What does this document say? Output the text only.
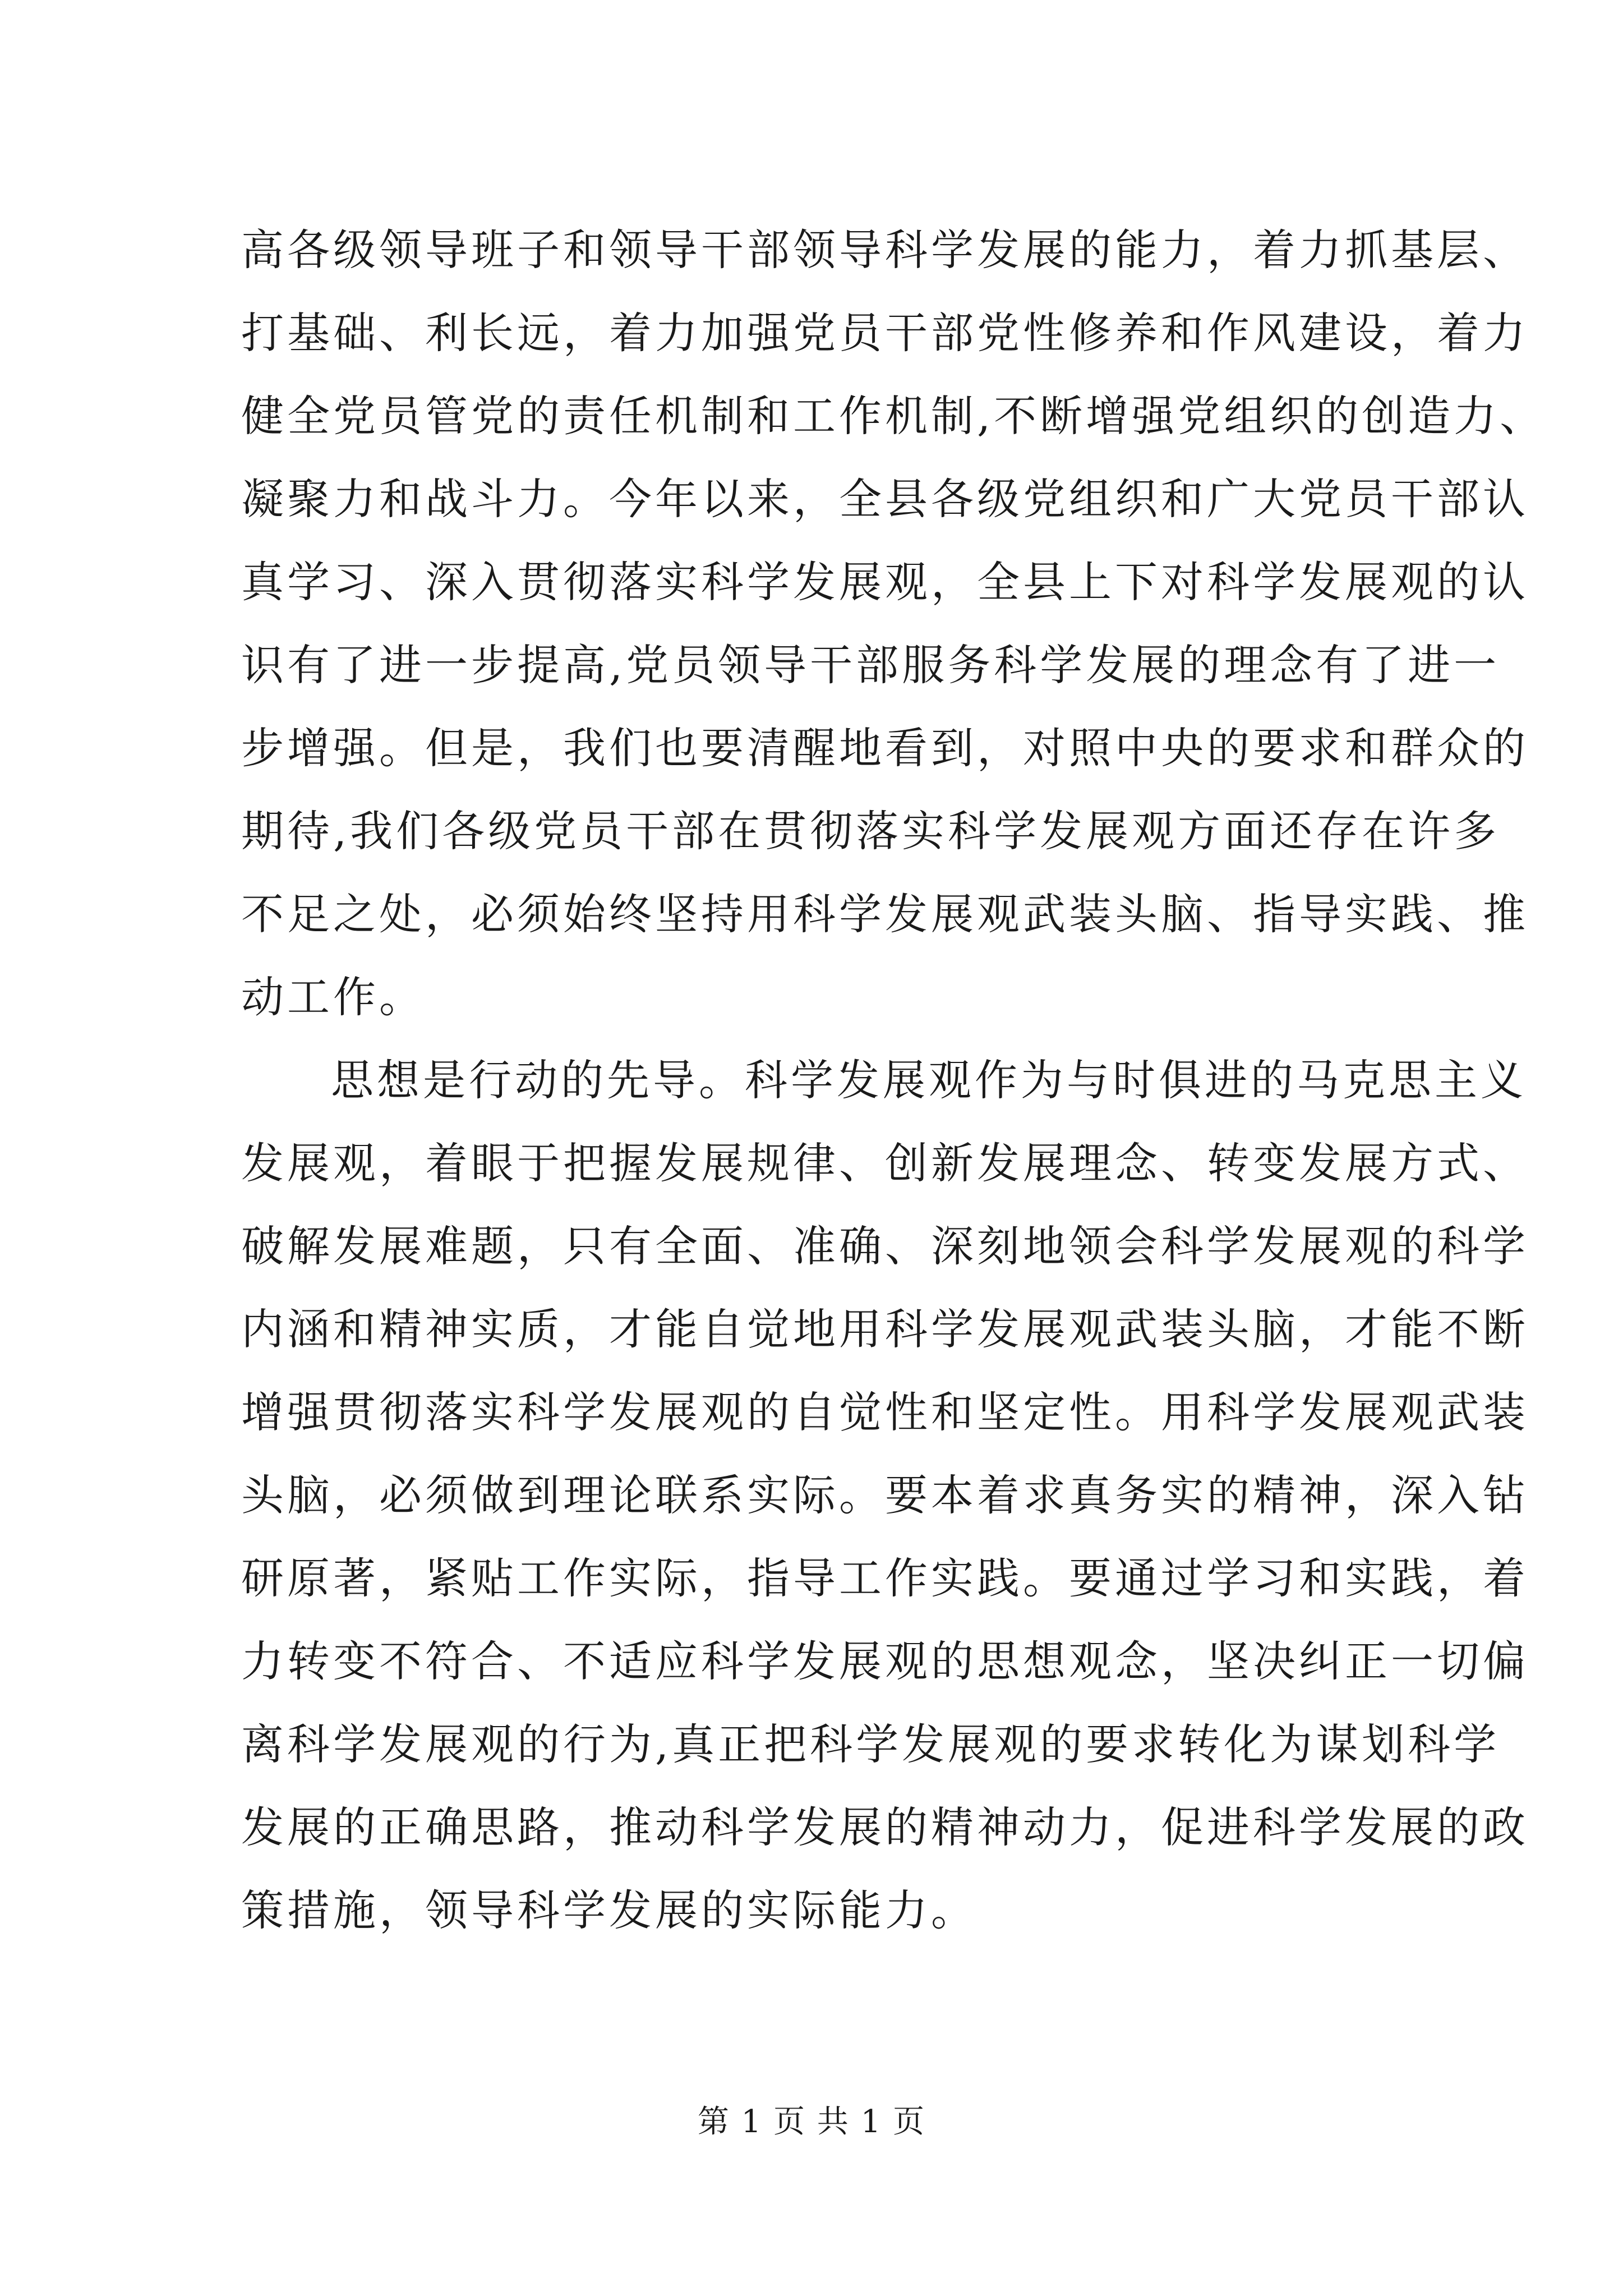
高各级领导班子和领导干部领导科学发展的能力，着力抓基层、
打基础、利长远，着力加强党员干部党性修养和作风建设，着力
健全党员管党的责任机制和工作机制,不断增强党组织的创造力、
凝聚力和战斗力。今年以来，全县各级党组织和广大党员干部认
真学习、深入贯彻落实科学发展观，全县上下对科学发展观的认
识有了进一步提高,党员领导干部服务科学发展的理念有了进一
步增强。但是，我们也要清醒地看到，对照中央的要求和群众的
期待,我们各级党员干部在贯彻落实科学发展观方面还存在许多
不足之处，必须始终坚持用科学发展观武装头脑、指导实践、推
动工作。
思想是行动的先导。科学发展观作为与时俱进的马克思主义
发展观，着眼于把握发展规律、创新发展理念、转变发展方式、
破解发展难题，只有全面、准确、深刻地领会科学发展观的科学
内涵和精神实质，才能自觉地用科学发展观武装头脑，才能不断
增强贯彻落实科学发展观的自觉性和坚定性。用科学发展观武装
头脑，必须做到理论联系实际。要本着求真务实的精神，深入钻
研原著，紧贴工作实际，指导工作实践。要通过学习和实践，着
力转变不符合、不适应科学发展观的思想观念，坚决纠正一切偏
离科学发展观的行为,真正把科学发展观的要求转化为谋划科学
发展的正确思路，推动科学发展的精神动力，促进科学发展的政
策措施，领导科学发展的实际能力。
第 1 页 共 1 页
